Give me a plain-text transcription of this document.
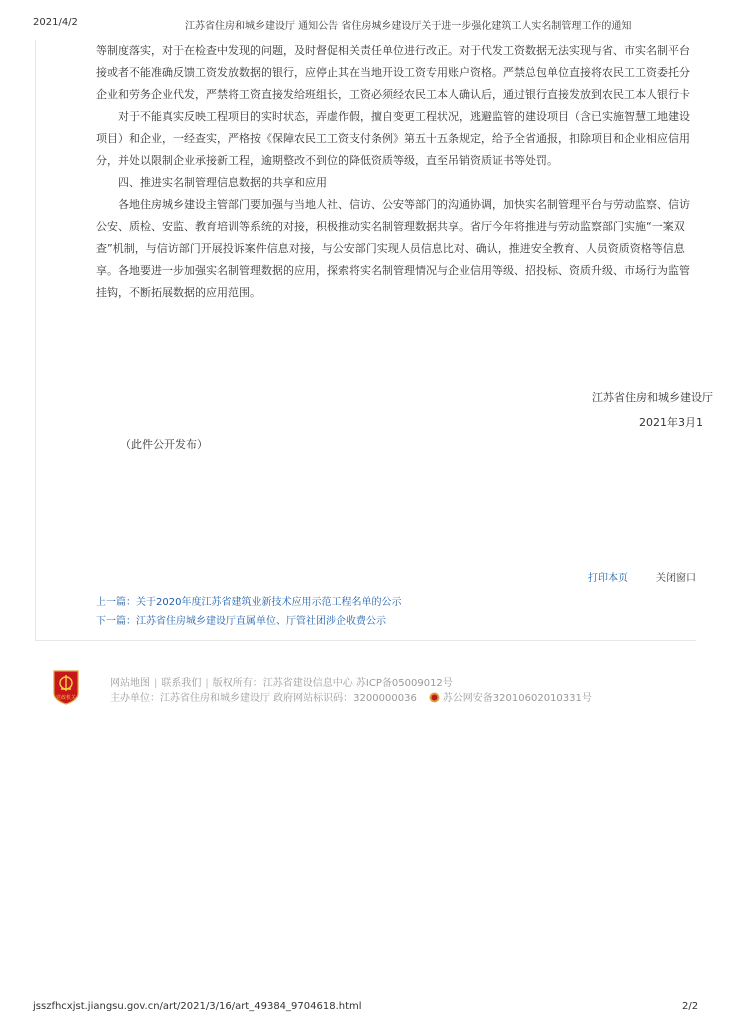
2021/4/2	江苏省住房和城乡建设厅 通知公告 省住房城乡建设厅关于进一步强化建筑工人实名制管理工作的通知

等制度落实，对于在检查中发现的问题，及时督促相关责任单位进行改正。对于代发工资数据无法实现与省、市实名制平台

接或者不能准确反馈工资发放数据的银行，应停止其在当地开设工资专用账户资格。严禁总包单位直接将农民工工资委托分

企业和劳务企业代发，严禁将工资直接发给班组长，工资必须经农民工本人确认后，通过银行直接发放到农民工本人银行卡

对于不能真实反映工程项目的实时状态，弄虚作假，擅自变更工程状况，逃避监管的建设项目（含已实施智慧工地建设

项目）和企业，一经查实，严格按《保障农民工工资支付条例》第五十五条规定，给予全省通报，扣除项目和企业相应信用

分，并处以限制企业承接新工程，逾期整改不到位的降低资质等级，直至吊销资质证书等处罚。

四、推进实名制管理信息数据的共享和应用

各地住房城乡建设主管部门要加强与当地人社、信访、公安等部门的沟通协调，加快实名制管理平台与劳动监察、信访

公安、质检、安监、教育培训等系统的对接，积极推动实名制管理数据共享。省厅今年将推进与劳动监察部门实施“一案双

查”机制，与信访部门开展投诉案件信息对接，与公安部门实现人员信息比对、确认，推进安全教育、人员资质资格等信息

享。各地要进一步加强实名制管理数据的应用，探索将实名制管理情况与企业信用等级、招投标、资质升级、市场行为监管

挂钩，不断拓展数据的应用范围。

江苏省住房和城乡建设厅
2021年3月1
（此件公开发布）
打印本页	关闭窗口
上一篇：关于2020年度江苏省建筑业新技术应用示范工程名单的公示
下一篇：江苏省住房城乡建设厅直属单位、厅管社团涉企收费公示
党政机关
网站地图 | 联系我们 | 版权所有：江苏省建设信息中心 苏ICP备05009012号
主办单位：江苏省住房和城乡建设厅 政府网站标识码：3200000036	苏公网安备32010602010331号
jsszfhcxjst.jiangsu.gov.cn/art/2021/3/16/art_49384_9704618.html	2/2
